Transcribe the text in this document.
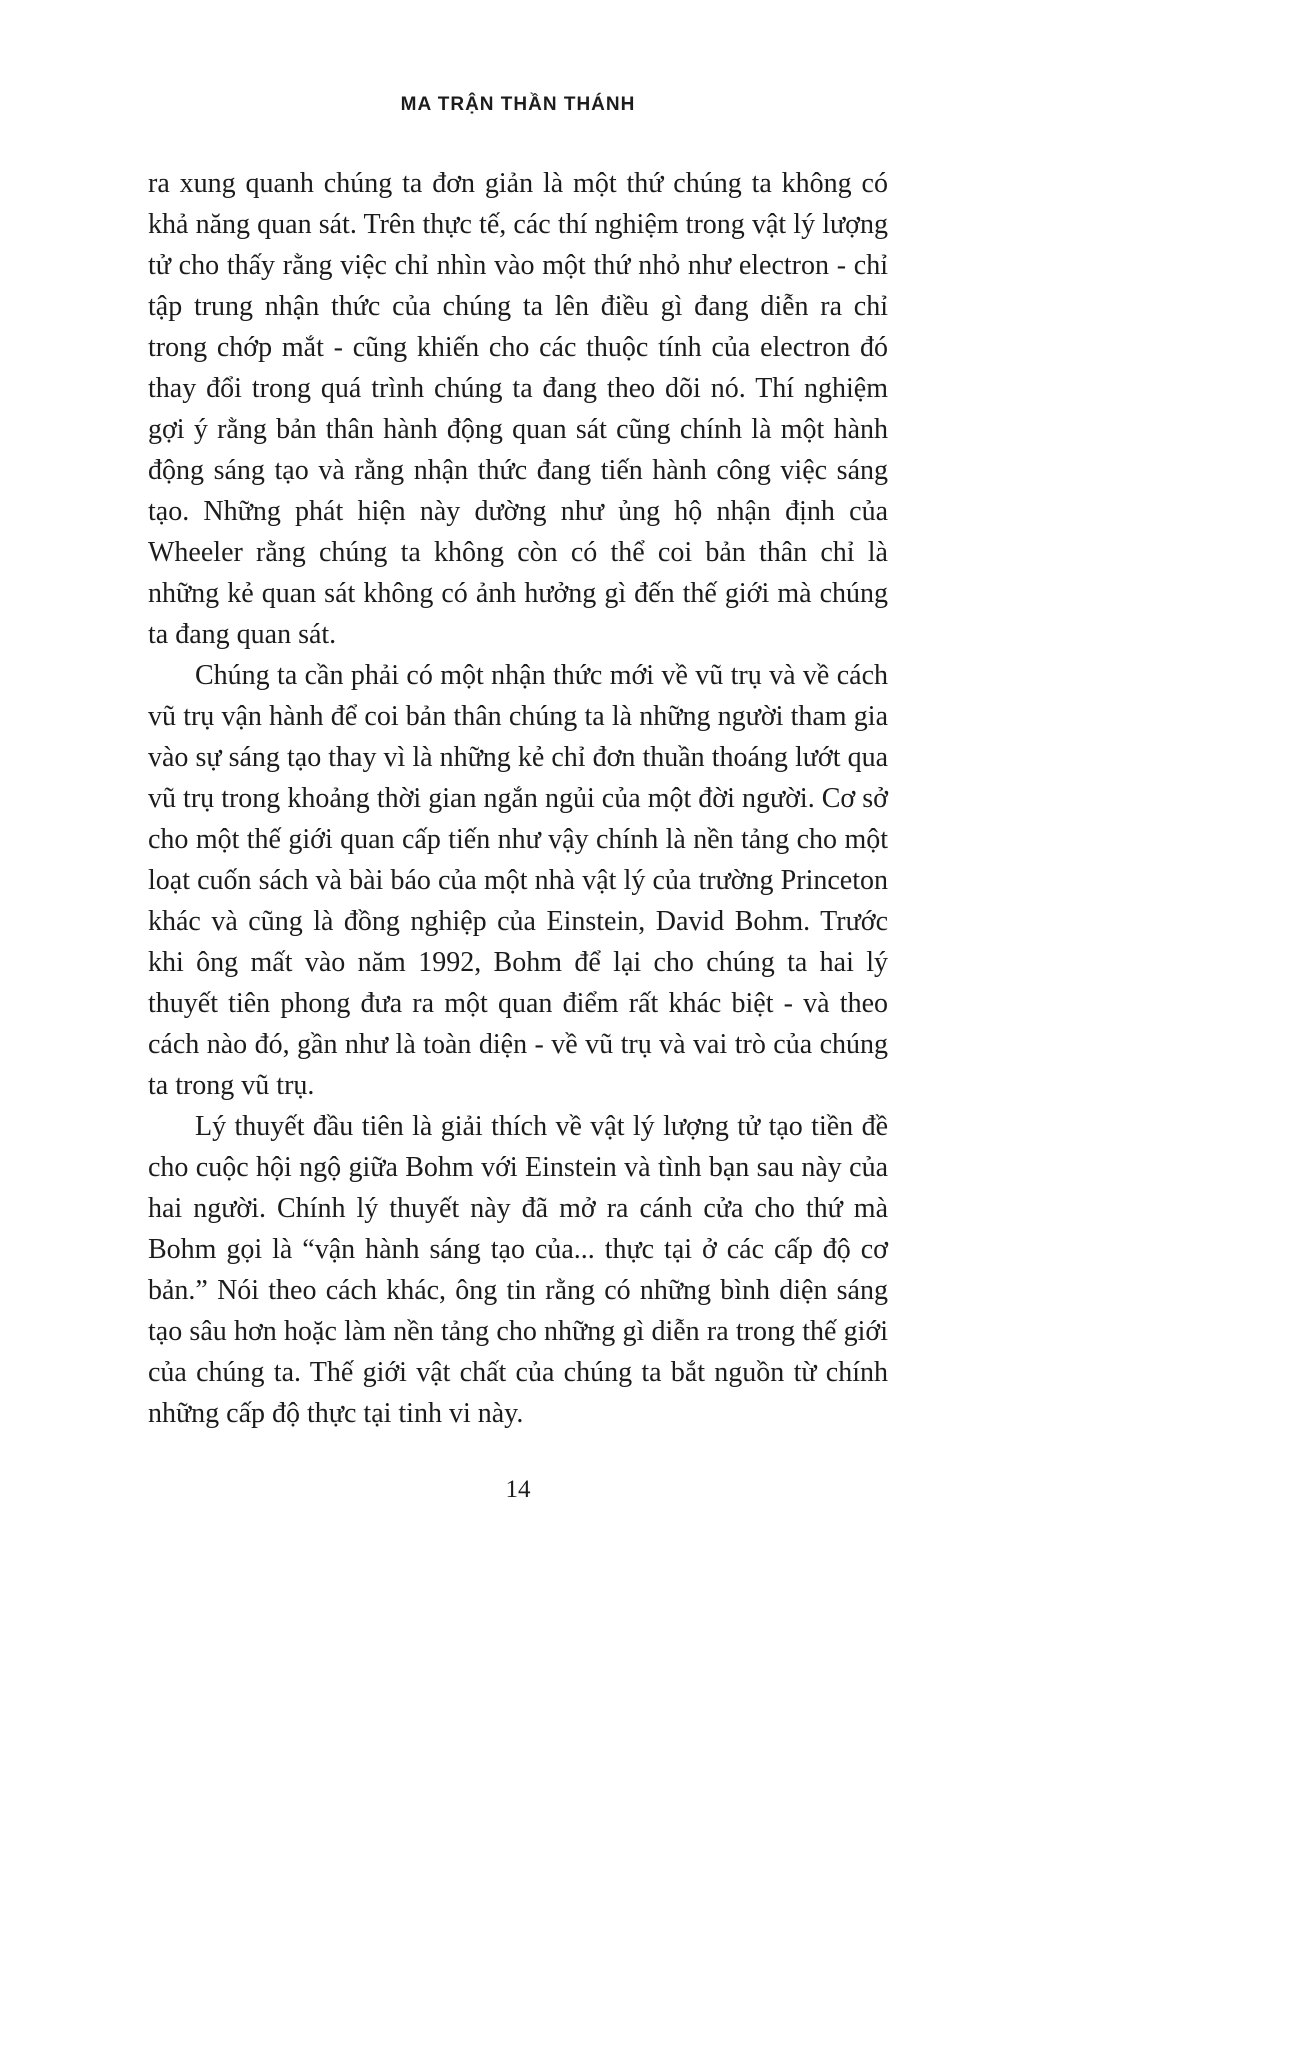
MA TRẬN THẦN THÁNH

ra xung quanh chúng ta đơn giản là một thứ chúng ta không có khả năng quan sát. Trên thực tế, các thí nghiệm trong vật lý lượng tử cho thấy rằng việc chỉ nhìn vào một thứ nhỏ như electron - chỉ tập trung nhận thức của chúng ta lên điều gì đang diễn ra chỉ trong chớp mắt - cũng khiến cho các thuộc tính của electron đó thay đổi trong quá trình chúng ta đang theo dõi nó. Thí nghiệm gợi ý rằng bản thân hành động quan sát cũng chính là một hành động sáng tạo và rằng nhận thức đang tiến hành công việc sáng tạo. Những phát hiện này dường như ủng hộ nhận định của Wheeler rằng chúng ta không còn có thể coi bản thân chỉ là những kẻ quan sát không có ảnh hưởng gì đến thế giới mà chúng ta đang quan sát.

Chúng ta cần phải có một nhận thức mới về vũ trụ và về cách vũ trụ vận hành để coi bản thân chúng ta là những người tham gia vào sự sáng tạo thay vì là những kẻ chỉ đơn thuần thoáng lướt qua vũ trụ trong khoảng thời gian ngắn ngủi của một đời người. Cơ sở cho một thế giới quan cấp tiến như vậy chính là nền tảng cho một loạt cuốn sách và bài báo của một nhà vật lý của trường Princeton khác và cũng là đồng nghiệp của Einstein, David Bohm. Trước khi ông mất vào năm 1992, Bohm để lại cho chúng ta hai lý thuyết tiên phong đưa ra một quan điểm rất khác biệt - và theo cách nào đó, gần như là toàn diện - về vũ trụ và vai trò của chúng ta trong vũ trụ.

Lý thuyết đầu tiên là giải thích về vật lý lượng tử tạo tiền đề cho cuộc hội ngộ giữa Bohm với Einstein và tình bạn sau này của hai người. Chính lý thuyết này đã mở ra cánh cửa cho thứ mà Bohm gọi là “vận hành sáng tạo của... thực tại ở các cấp độ cơ bản.” Nói theo cách khác, ông tin rằng có những bình diện sáng tạo sâu hơn hoặc làm nền tảng cho những gì diễn ra trong thế giới của chúng ta. Thế giới vật chất của chúng ta bắt nguồn từ chính những cấp độ thực tại tinh vi này.

14
